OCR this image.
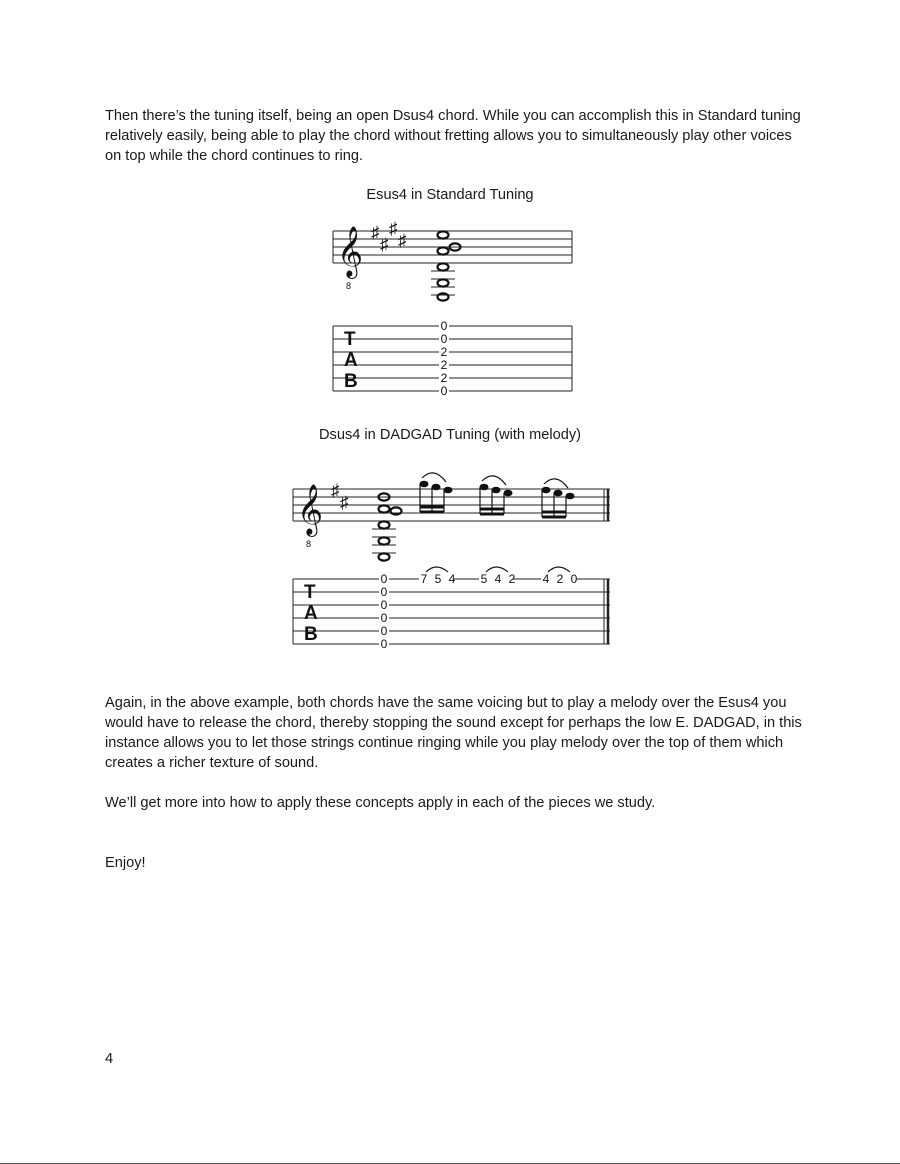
Then there’s the tuning itself, being an open Dsus4 chord. While you can accomplish this in Standard tuning relatively easily, being able to play the chord without fretting allows you to simultaneously play other voices on top while the chord continues to ring.

Esus4 in Standard Tuning
𝄞
8
♯
♯
♯
♯
T
A
B
0
0
2
2
2
0
Dsus4 in DADGAD Tuning (with melody)
𝄞
8
♯
♯
T
A
B
0
0
0
0
0
0
7 5 4 5 4 2 4 2 0

Again, in the above example, both chords have the same voicing but to play a melody over the Esus4 you would have to release the chord, thereby stopping the sound except for perhaps the low E. DADGAD, in this instance allows you to let those strings continue ringing while you play melody over the top of them which creates a richer texture of sound.

We’ll get more into how to apply these concepts apply in each of the pieces we study.

Enjoy!

4
